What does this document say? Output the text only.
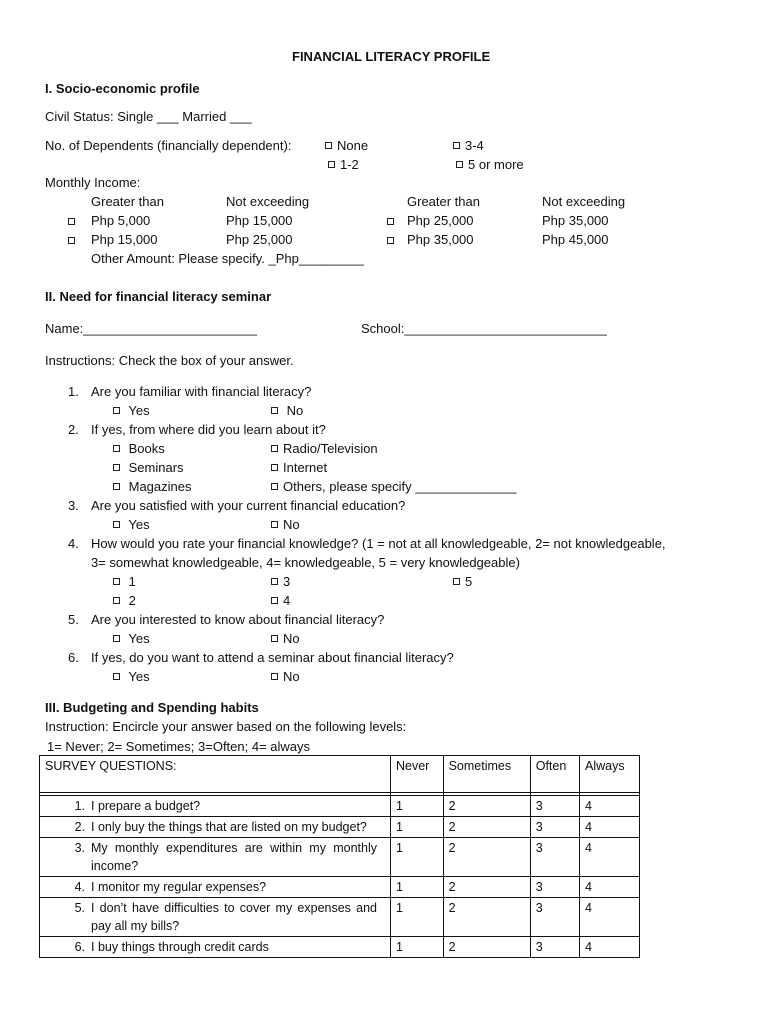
FINANCIAL LITERACY PROFILE
I. Socio-economic profile
Civil Status: Single ___ Married ___
No. of Dependents (financially dependent):	None	3-4
1-2	5 or more
Monthly Income:
Greater than	Not exceeding	Greater than	Not exceeding
Php 5,000	Php 15,000	Php 25,000	Php 35,000
Php 15,000	Php 25,000	Php 35,000	Php 45,000
Other Amount: Please specify. _Php_________
II. Need for financial literacy seminar
Name:________________________	School:____________________________
Instructions: Check the box of your answer.
1. Are you familiar with financial literacy?
Yes	No
2. If yes, from where did you learn about it?
Books	Radio/Television
Seminars	Internet
Magazines	Others, please specify ______________
3. Are you satisfied with your current financial education?
Yes	No
4. How would you rate your financial knowledge? (1 = not at all knowledgeable, 2= not knowledgeable,
3= somewhat knowledgeable, 4= knowledgeable, 5 = very knowledgeable)
1	3	5
2	4
5. Are you interested to know about financial literacy?
Yes	No
6. If yes, do you want to attend a seminar about financial literacy?
Yes	No
III. Budgeting and Spending habits
Instruction: Encircle your answer based on the following levels:
1= Never; 2= Sometimes; 3=Often; 4= always
SURVEY QUESTIONS:	Never	Sometimes	Often	Always

1. I prepare a budget?	1	2	3	4
2. I only buy the things that are listed on my budget?	1	2	3	4
3. My monthly expenditures are within my monthly income?	1	2	3	4
4. I monitor my regular expenses?	1	2	3	4
5. I don’t have difficulties to cover my expenses and pay all my bills?	1	2	3	4
6. I buy things through credit cards	1	2	3	4
